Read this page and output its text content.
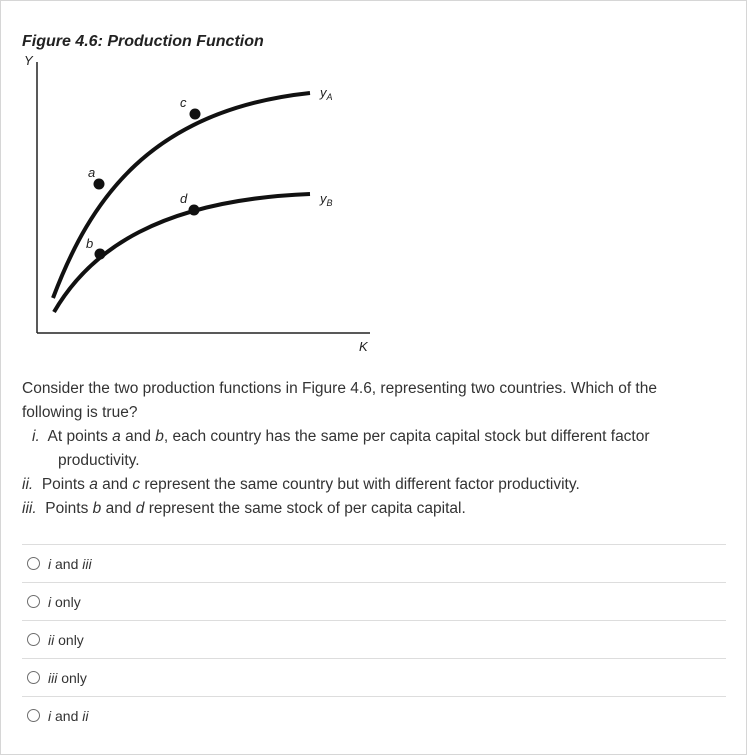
Figure 4.6: Production Function
Y
K
$y_A$
$y_B$
a
b
c
d

Consider the two production functions in Figure 4.6, representing two countries. Which of the following is true?

i. At points a and b, each country has the same per capita capital stock but different factor productivity.

ii. Points a and c represent the same country but with different factor productivity.

iii. Points b and d represent the same stock of per capita capital.

i and iii
i only
ii only
iii only
i and ii
